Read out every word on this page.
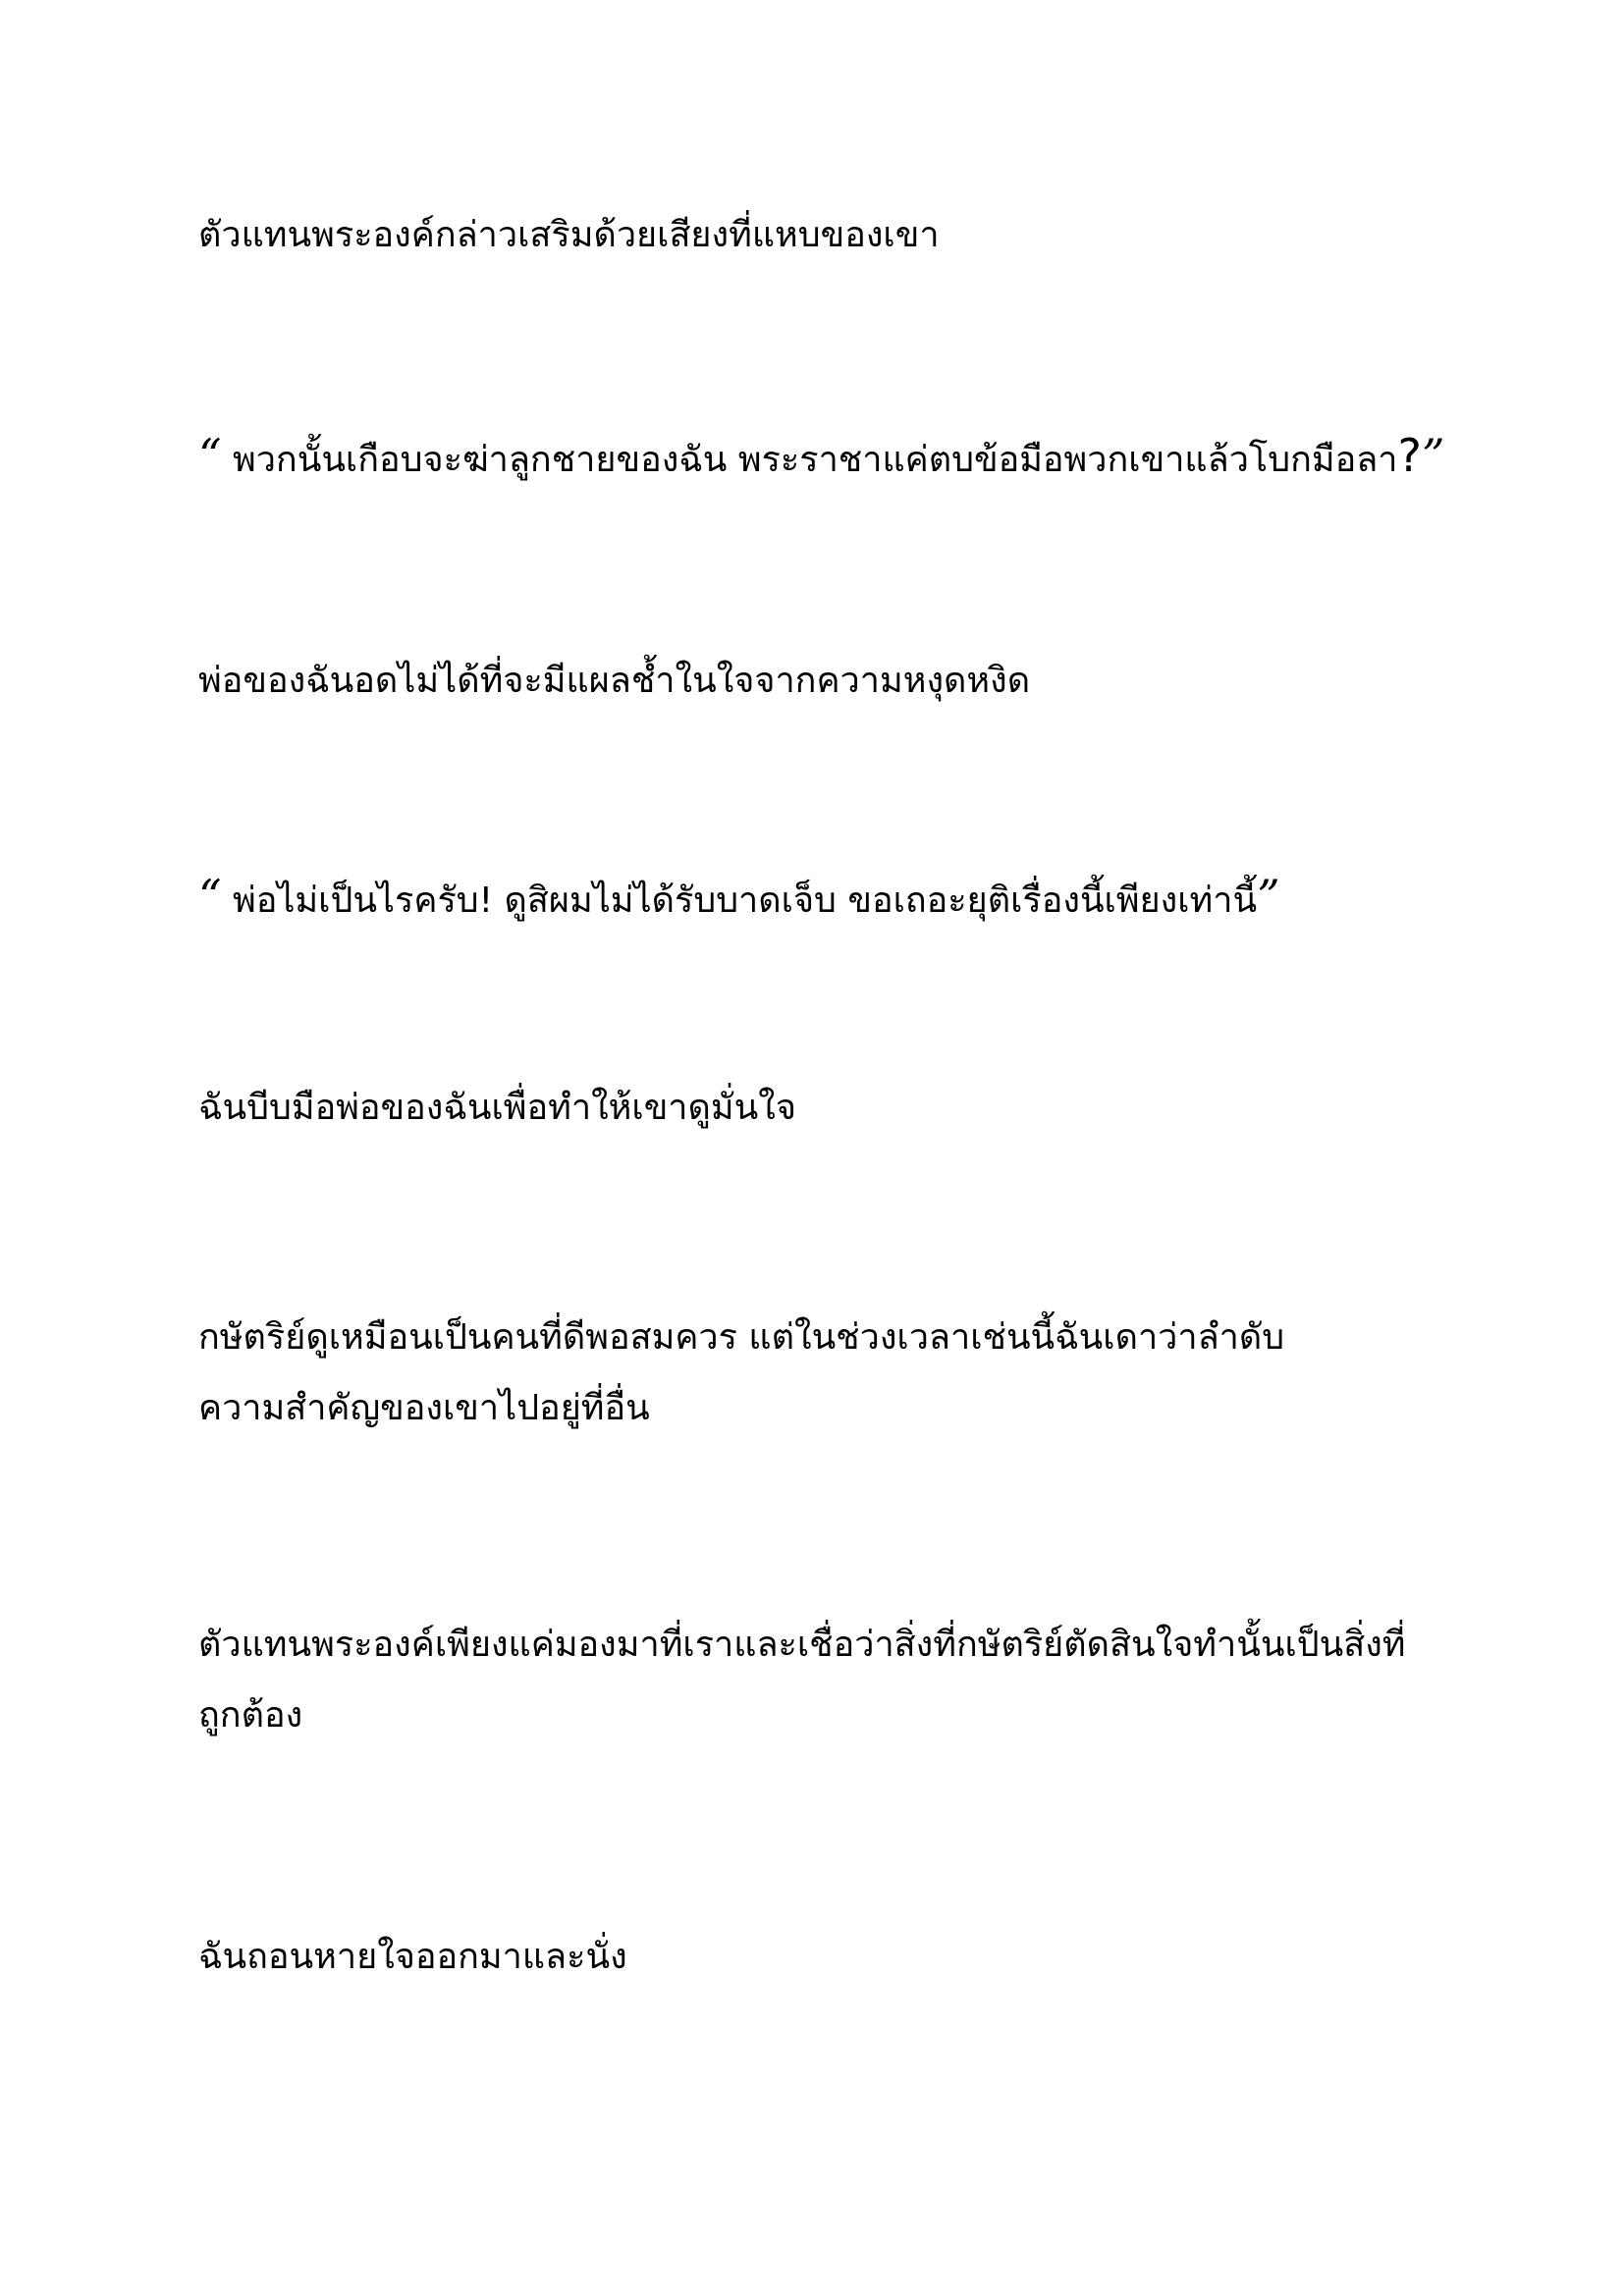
ตัวแทนพระองค์กล่าวเสริมด้วยเสียงที่แหบของเขา

“ พวกนั้นเกือบจะฆ่าลูกชายของฉัน พระราชาแค่ตบข้อมือพวกเขาแล้วโบกมือลา?”

พ่อของฉันอดไม่ได้ที่จะมีแผลช้ำในใจจากความหงุดหงิด

“ พ่อไม่เป็นไรครับ! ดูสิผมไม่ได้รับบาดเจ็บ ขอเถอะยุติเรื่องนี้เพียงเท่านี้”

ฉันบีบมือพ่อของฉันเพื่อทำให้เขาดูมั่นใจ

กษัตริย์ดูเหมือนเป็นคนที่ดีพอสมควร แต่ในช่วงเวลาเช่นนี้ฉันเดาว่าลำดับ
ความสำคัญของเขาไปอยู่ที่อื่น

ตัวแทนพระองค์เพียงแค่มองมาที่เราและเชื่อว่าสิ่งที่กษัตริย์ตัดสินใจทำนั้นเป็นสิ่งที่
ถูกต้อง

ฉันถอนหายใจออกมาและนั่ง
